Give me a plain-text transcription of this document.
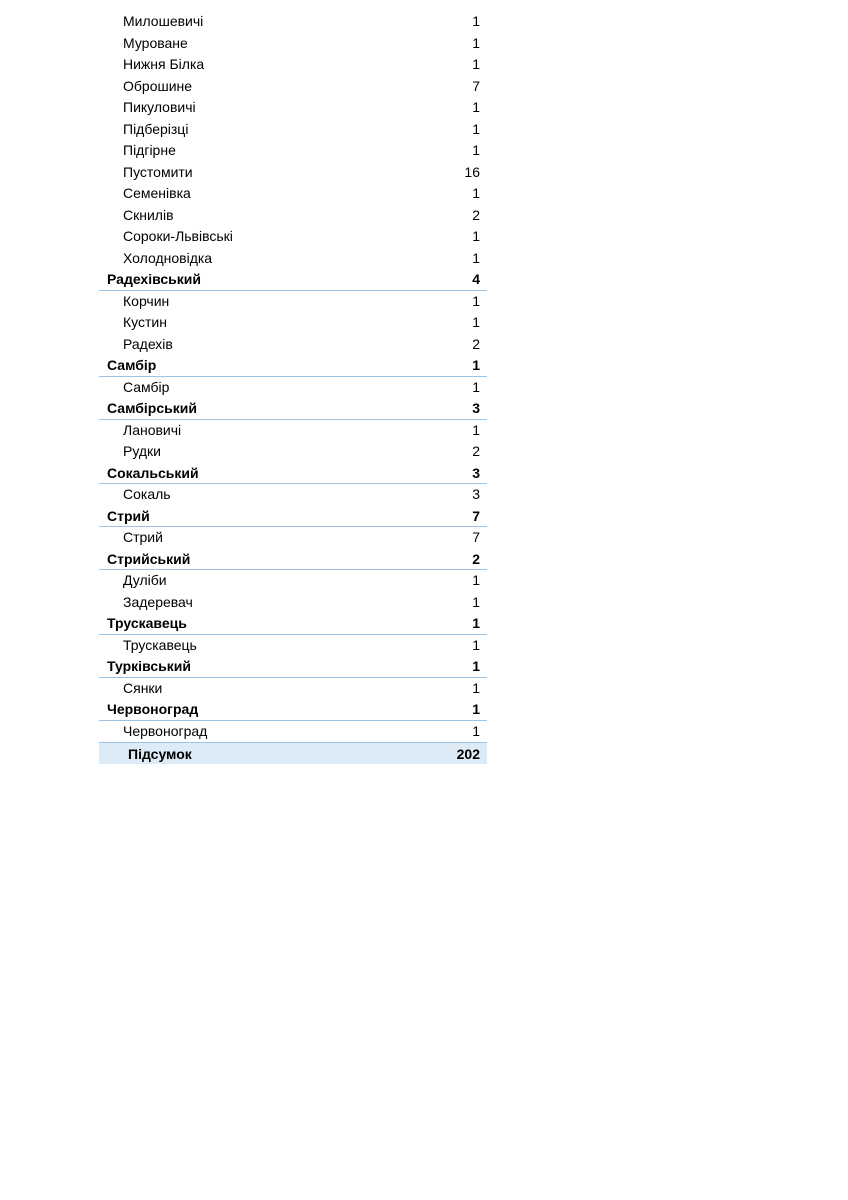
Милошевичі	1
Муроване	1
Нижня Білка	1
Оброшине	7
Пикуловичі	1
Підберізці	1
Підгірне	1
Пустомити	16
Семенівка	1
Скнилів	2
Сороки-Львівські	1
Холодновідка	1
Радехівський	4
Корчин	1
Кустин	1
Радехів	2
Самбір	1
Самбір	1
Самбірський	3
Лановичі	1
Рудки	2
Сокальський	3
Сокаль	3
Стрий	7
Стрий	7
Стрийський	2
Дуліби	1
Задеревач	1
Трускавець	1
Трускавець	1
Турківський	1
Сянки	1
Червоноград	1
Червоноград	1
Підсумок	202
